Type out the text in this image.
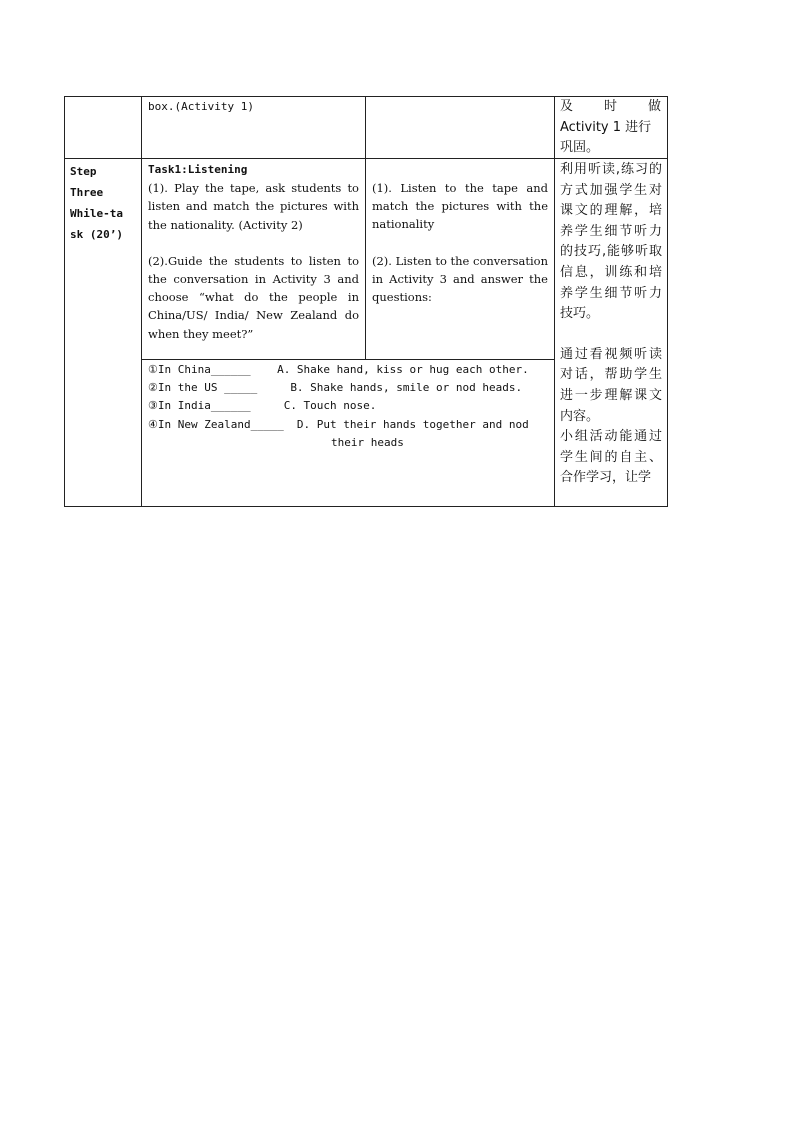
box.(Activity 1)	及 时 做

Activity 1 进行

巩固。

Step

Three

While-ta

sk (20’)

Task1:Listening

(1). Play the tape, ask students to listen and match the pictures with the nationality. (Activity 2)

(2).Guide the students to listen to the conversation in Activity 3 and choose “what do the people in China/US/ India/ New Zealand do when they meet?”

(1). Listen to the tape and match the pictures with the nationality

(2). Listen to the conversation in Activity 3 and answer the questions:

①In China______    A. Shake hand, kiss or hug each other.

②In the US _____     B. Shake hands, smile or nod heads.

③In India______     C. Touch nose.

④In New Zealand_____  D. Put their hands together and nod

their heads

利用听读,练习的方式加强学生对课文的理解，培养学生细节听力的技巧,能够听取信息，训练和培养学生细节听力技巧。

通过看视频听读对话，帮助学生进一步理解课文内容。

小组活动能通过学生间的自主、合作学习，让学
